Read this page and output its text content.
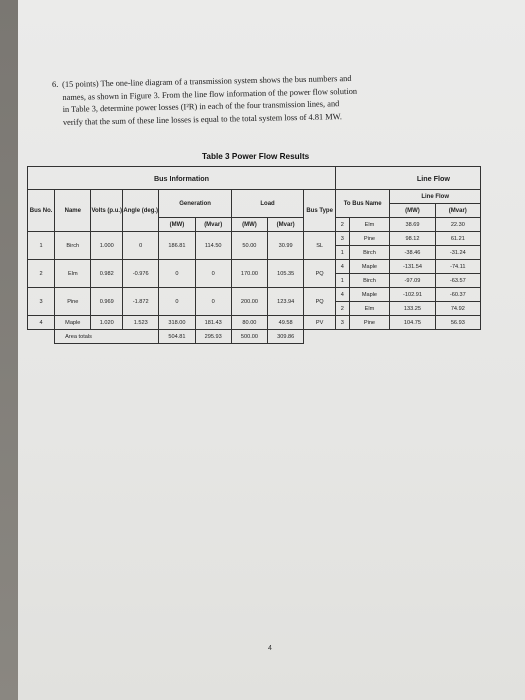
6. (15 points) The one-line diagram of a transmission system shows the bus numbers and
names, as shown in Figure 3. From the line flow information of the power flow solution
in Table 3, determine power losses (I²R) in each of the four transmission lines, and
verify that the sum of these line losses is equal to the total system loss of 4.81 MW.
Table 3 Power Flow Results
Bus Information									Line Flow			
Bus No.	Name	Volts (p.u.)	Angle (deg.)	Generation		Load		Bus Type	To Bus Name		Line Flow	
											(MW)	(Mvar)
				(MW)	(Mvar)	(MW)	(Mvar)		2	Elm	38.69	22.30
1	Birch	1.000	0	186.81	114.50	50.00	30.99	SL	3	Pine	98.12	61.21
									1	Birch	-38.46	-31.24
2	Elm	0.982	-0.976	0	0	170.00	105.35	PQ	4	Maple	-131.54	-74.11
									1	Birch	-97.09	-63.57
3	Pine	0.969	-1.872	0	0	200.00	123.94	PQ	4	Maple	-102.91	-60.37
									2	Elm	133.25	74.92
4	Maple	1.020	1.523	318.00	181.43	80.00	49.58	PV	3	Pine	104.75	56.93
	Area totals			504.81	295.93	500.00	309.86					

4
